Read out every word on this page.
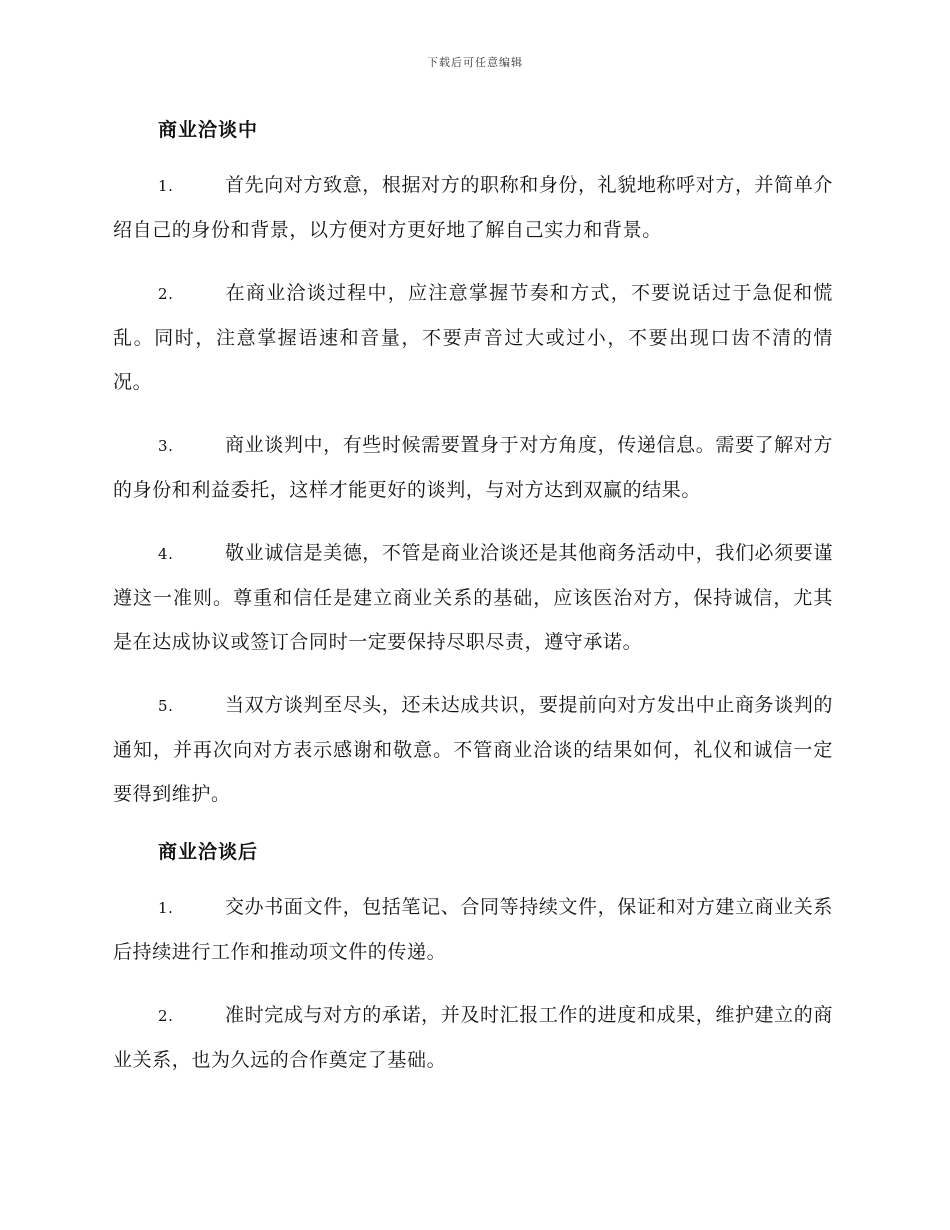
下载后可任意编辑
商业洽谈中

1.	首先向对方致意，根据对方的职称和身份，礼貌地称呼对方，并简单介绍自己的身份和背景，以方便对方更好地了解自己实力和背景。

2.	在商业洽谈过程中，应注意掌握节奏和方式，不要说话过于急促和慌乱。同时，注意掌握语速和音量，不要声音过大或过小，不要出现口齿不清的情况。

3.	商业谈判中，有些时候需要置身于对方角度，传递信息。需要了解对方的身份和利益委托，这样才能更好的谈判，与对方达到双赢的结果。

4.	敬业诚信是美德，不管是商业洽谈还是其他商务活动中，我们必须要谨遵这一准则。尊重和信任是建立商业关系的基础，应该医治对方，保持诚信，尤其是在达成协议或签订合同时一定要保持尽职尽责，遵守承诺。

5.	当双方谈判至尽头，还未达成共识，要提前向对方发出中止商务谈判的通知，并再次向对方表示感谢和敬意。不管商业洽谈的结果如何，礼仪和诚信一定要得到维护。

商业洽谈后

1.	交办书面文件，包括笔记、合同等持续文件，保证和对方建立商业关系后持续进行工作和推动项文件的传递。

2.	准时完成与对方的承诺，并及时汇报工作的进度和成果，维护建立的商业关系，也为久远的合作奠定了基础。
